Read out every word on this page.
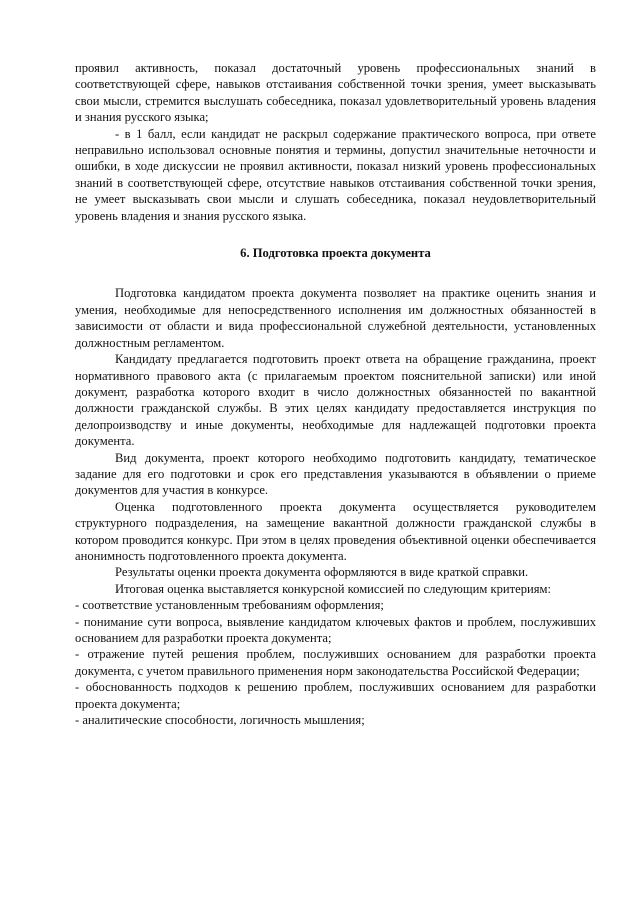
проявил активность, показал достаточный уровень профессиональных знаний в соответствующей сфере, навыков отстаивания собственной точки зрения, умеет высказывать свои мысли, стремится выслушать собеседника, показал удовлетворительный уровень владения и знания русского языка;

- в 1 балл, если кандидат не раскрыл содержание практического вопроса, при ответе неправильно использовал основные понятия и термины, допустил значительные неточности и ошибки, в ходе дискуссии не проявил активности, показал низкий уровень профессиональных знаний в соответствующей сфере, отсутствие навыков отстаивания собственной точки зрения, не умеет высказывать свои мысли и слушать собеседника, показал неудовлетворительный уровень владения и знания русского языка.

6. Подготовка проекта документа

Подготовка кандидатом проекта документа позволяет на практике оценить знания и умения, необходимые для непосредственного исполнения им должностных обязанностей в зависимости от области и вида профессиональной служебной деятельности, установленных должностным регламентом.

Кандидату предлагается подготовить проект ответа на обращение гражданина, проект нормативного правового акта (с прилагаемым проектом пояснительной записки) или иной документ, разработка которого входит в число должностных обязанностей по вакантной должности гражданской службы. В этих целях кандидату предоставляется инструкция по делопроизводству и иные документы, необходимые для надлежащей подготовки проекта документа.

Вид документа, проект которого необходимо подготовить кандидату, тематическое задание для его подготовки и срок его представления указываются в объявлении о приеме документов для участия в конкурсе.

Оценка подготовленного проекта документа осуществляется руководителем структурного подразделения, на замещение вакантной должности гражданской службы в котором проводится конкурс. При этом в целях проведения объективной оценки обеспечивается анонимность подготовленного проекта документа.

Результаты оценки проекта документа оформляются в виде краткой справки.

Итоговая оценка выставляется конкурсной комиссией по следующим критериям:

- соответствие установленным требованиям оформления;

- понимание сути вопроса, выявление кандидатом ключевых фактов и проблем, послуживших основанием для разработки проекта документа;

- отражение путей решения проблем, послуживших основанием для разработки проекта документа, с учетом правильного применения норм законодательства Российской Федерации;

- обоснованность подходов к решению проблем, послуживших основанием для разработки проекта документа;

- аналитические способности, логичность мышления;
